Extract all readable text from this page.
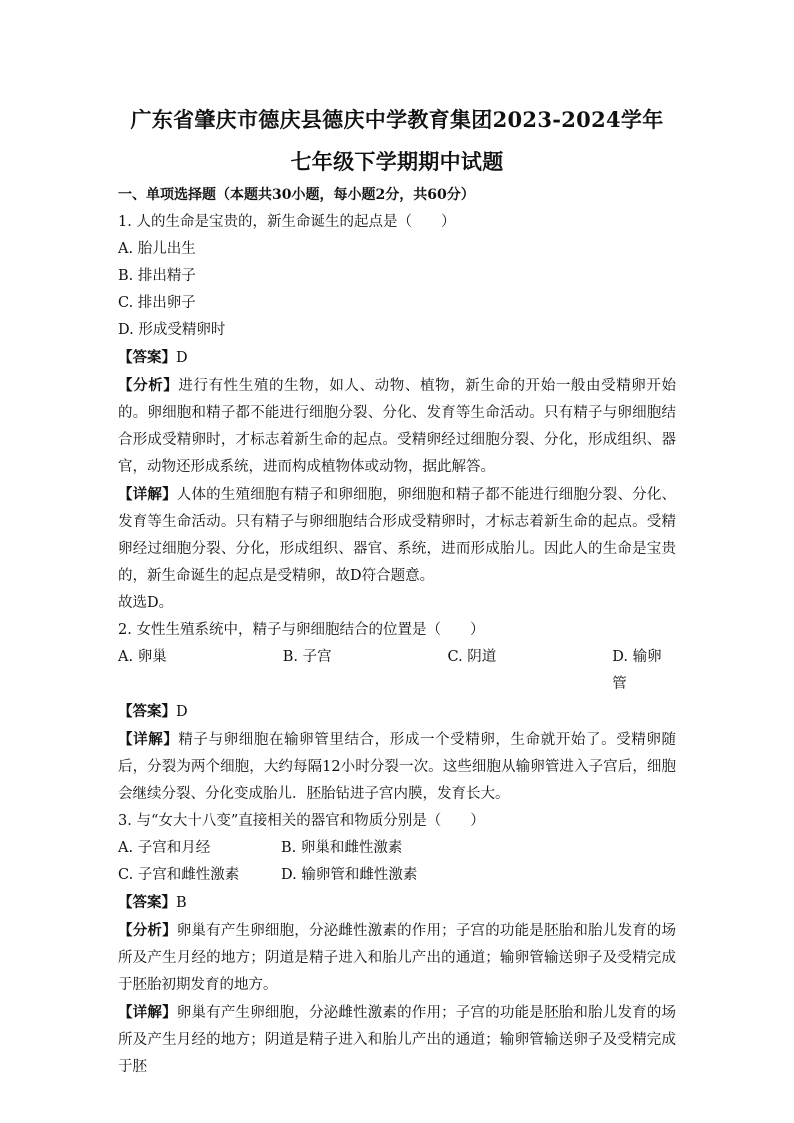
广东省肇庆市德庆县德庆中学教育集团2023-2024学年
七年级下学期期中试题

一、单项选择题（本题共30小题，每小题2分，共60分）

1. 人的生命是宝贵的，新生命诞生的起点是（　　）

A. 胎儿出生

B. 排出精子

C. 排出卵子

D. 形成受精卵时

【答案】D

【分析】进行有性生殖的生物，如人、动物、植物，新生命的开始一般由受精卵开始的。卵细胞和精子都不能进行细胞分裂、分化、发育等生命活动。只有精子与卵细胞结合形成受精卵时，才标志着新生命的起点。受精卵经过细胞分裂、分化，形成组织、器官，动物还形成系统，进而构成植物体或动物，据此解答。

【详解】人体的生殖细胞有精子和卵细胞，卵细胞和精子都不能进行细胞分裂、分化、发育等生命活动。只有精子与卵细胞结合形成受精卵时，才标志着新生命的起点。受精卵经过细胞分裂、分化，形成组织、器官、系统，进而形成胎儿。因此人的生命是宝贵的，新生命诞生的起点是受精卵，故D符合题意。

故选D。

2. 女性生殖系统中，精子与卵细胞结合的位置是（　　）

A. 卵巢	B. 子宫	C. 阴道	D. 输卵管

【答案】D

【详解】精子与卵细胞在输卵管里结合，形成一个受精卵，生命就开始了。受精卵随后，分裂为两个细胞，大约每隔12小时分裂一次。这些细胞从输卵管进入子宫后，细胞会继续分裂、分化变成胎儿．胚胎钻进子宫内膜，发育长大。

3. 与“女大十八变”直接相关的器官和物质分别是（　　）

A. 子宫和月经	B. 卵巢和雌性激素
C. 子宫和雌性激素	D. 输卵管和雌性激素

【答案】B

【分析】卵巢有产生卵细胞，分泌雌性激素的作用；子宫的功能是胚胎和胎儿发育的场所及产生月经的地方；阴道是精子进入和胎儿产出的通道；输卵管输送卵子及受精完成于胚胎初期发育的地方。

【详解】卵巢有产生卵细胞，分泌雌性激素的作用；子宫的功能是胚胎和胎儿发育的场所及产生月经的地方；阴道是精子进入和胎儿产出的通道；输卵管输送卵子及受精完成于胚
